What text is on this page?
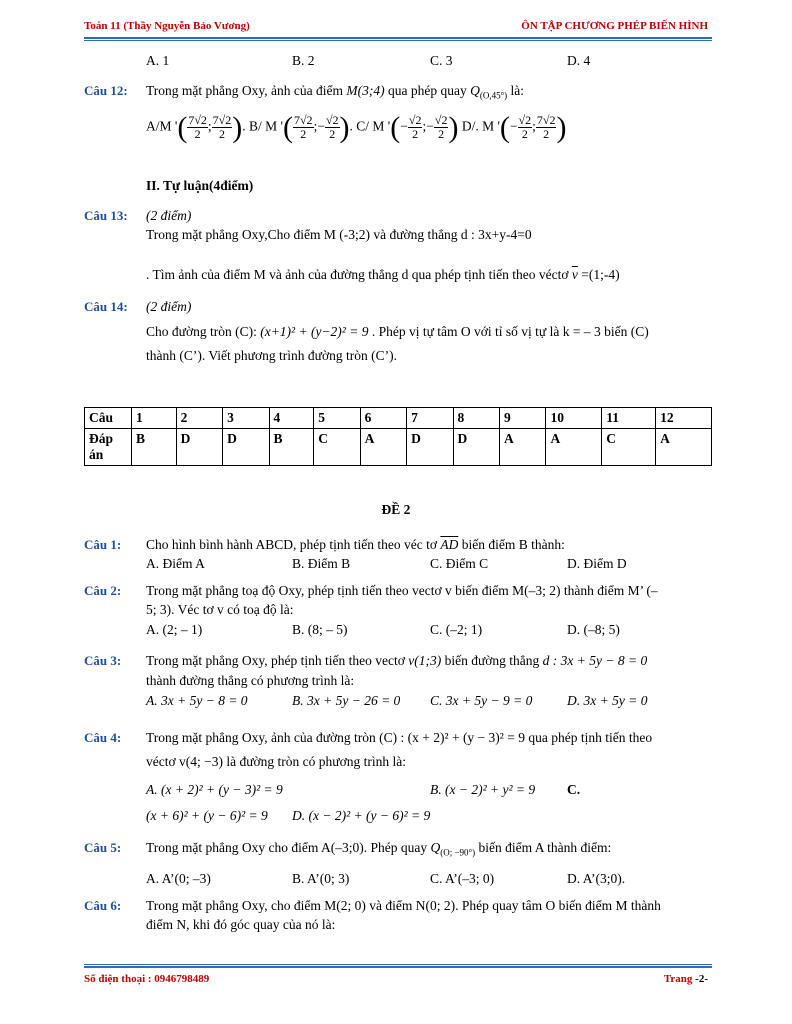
Toán 11 (Thầy Nguyễn Bảo Vương)	ÔN TẬP CHƯƠNG PHÉP BIẾN HÌNH
A. 1	B. 2	C. 3	D. 4
Câu 12: Trong mặt phẳng Oxy, ảnh của điểm M(3;4) qua phép quay $Q_{(O,45^\circ)}$ là:
A/M '( $\frac{7√2}{2}$ ; $\frac{7√2}{2}$ ). B/ M '( $\frac{7√2}{2}$ ;− $\frac{√2}{2}$ ). C/ M '(− $\frac{√2}{2}$ ;− $\frac{√2}{2}$ ) D/. M '(− $\frac{√2}{2}$ ; $\frac{7√2}{2}$ )
II. Tự luận(4điểm)
Câu 13: (2 điểm)
Trong mặt phẳng Oxy,Cho điểm M (-3;2) và đường thẳng d : 3x+y-4=0
. Tìm ảnh của điểm M và ảnh của đường thẳng d qua phép tịnh tiến theo véctơ $\overline{v}$ =(1;-4)
Câu 14: (2 điểm)
Cho đường tròn (C): (x+1)² + (y−2)² = 9 . Phép vị tự tâm O với tỉ số vị tự là k = – 3 biến (C)
thành (C’). Viết phương trình đường tròn (C’).
Câu	1	2	3	4	5	6	7	8	9	10	11	12
Đáp
án	B	D	D	B	C	A	D	D	A	A	C	A
ĐỀ 2
Câu 1: Cho hình bình hành ABCD, phép tịnh tiến theo véc tơ $\overline{AD}$ biến điểm B thành:
A. Điểm A	B. Điểm B	C. Điểm C	D. Điểm D
Câu 2: Trong mặt phẳng toạ độ Oxy, phép tịnh tiến theo vectơ v biến điểm M(–3; 2) thành điểm M’ (–
5; 3). Véc tơ v có toạ độ là:
A. (2; – 1)	B. (8; – 5)	C. (–2; 1)	D. (–8; 5)
Câu 3: Trong mặt phẳng Oxy, phép tịnh tiến theo vectơ v(1;3) biến đường thẳng d : 3x + 5y − 8 = 0
thành đường thẳng có phương trình là:
A. 3x + 5y − 8 = 0	B. 3x + 5y − 26 = 0 C. 3x + 5y − 9 = 0	D. 3x + 5y = 0
Câu 4: Trong mặt phẳng Oxy, ảnh của đường tròn (C) : (x + 2)² + (y − 3)² = 9 qua phép tịnh tiến theo
véctơ v(4; −3) là đường tròn có phương trình là:
A. (x + 2)² + (y − 3)² = 9	B. (x − 2)² + y² = 9 C.
(x + 6)² + (y − 6)² = 9 D. (x − 2)² + (y − 6)² = 9
Câu 5: Trong mặt phẳng Oxy cho điểm A(–3;0). Phép quay $Q_{(O; -90^\circ)}$ biến điểm A thành điểm:
A. A’(0; –3)	B. A’(0; 3)	C. A’(–3; 0)	D. A’(3;0).
Câu 6: Trong mặt phẳng Oxy, cho điểm M(2; 0) và điểm N(0; 2). Phép quay tâm O biến điểm M thành
điểm N, khi đó góc quay của nó là:
Số điện thoại : 0946798489	Trang -2-
